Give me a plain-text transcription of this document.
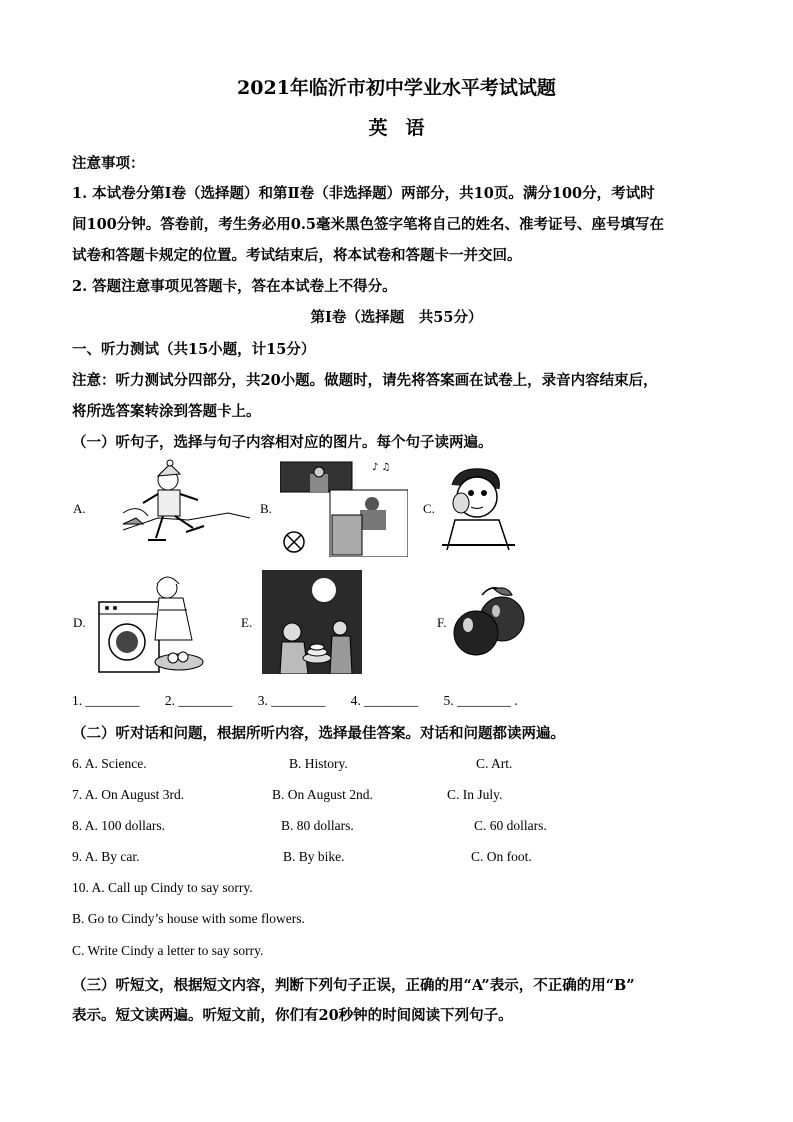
2021年临沂市初中学业水平考试试题
英语
注意事项：
1. 本试卷分第Ⅰ卷（选择题）和第Ⅱ卷（非选择题）两部分，共10页。满分100分，考试时
间100分钟。答卷前，考生务必用0.5毫米黑色签字笔将自己的姓名、准考证号、座号填写在
试卷和答题卡规定的位置。考试结束后，将本试卷和答题卡一并交回。
2. 答题注意事项见答题卡，答在本试卷上不得分。
第I卷（选择题　共55分）
一、听力测试（共15小题，计15分）
注意：听力测试分四部分，共20小题。做题时，请先将答案画在试卷上，录音内容结束后，
将所选答案转涂到答题卡上。
（一）听句子，选择与句子内容相对应的图片。每个句子读两遍。
A.	B.
♪ ♫
C.
D.	E.	F.
1. ________ 2. ________ 3. ________ 4. ________ 5. ________ .
（二）听对话和问题，根据所听内容，选择最佳答案。对话和问题都读两遍。
6. A. Science.	B. History.	C. Art.
7. A. On August 3rd.	B. On August 2nd.	C. In July.
8. A. 100 dollars.	B. 80 dollars.	C. 60 dollars.
9. A. By car.	B. By bike.	C. On foot.
10. A. Call up Cindy to say sorry.
B. Go to Cindy’s house with some flowers.
C. Write Cindy a letter to say sorry.
（三）听短文，根据短文内容，判断下列句子正误，正确的用“A”表示，不正确的用“B”
表示。短文读两遍。听短文前，你们有20秒钟的时间阅读下列句子。
